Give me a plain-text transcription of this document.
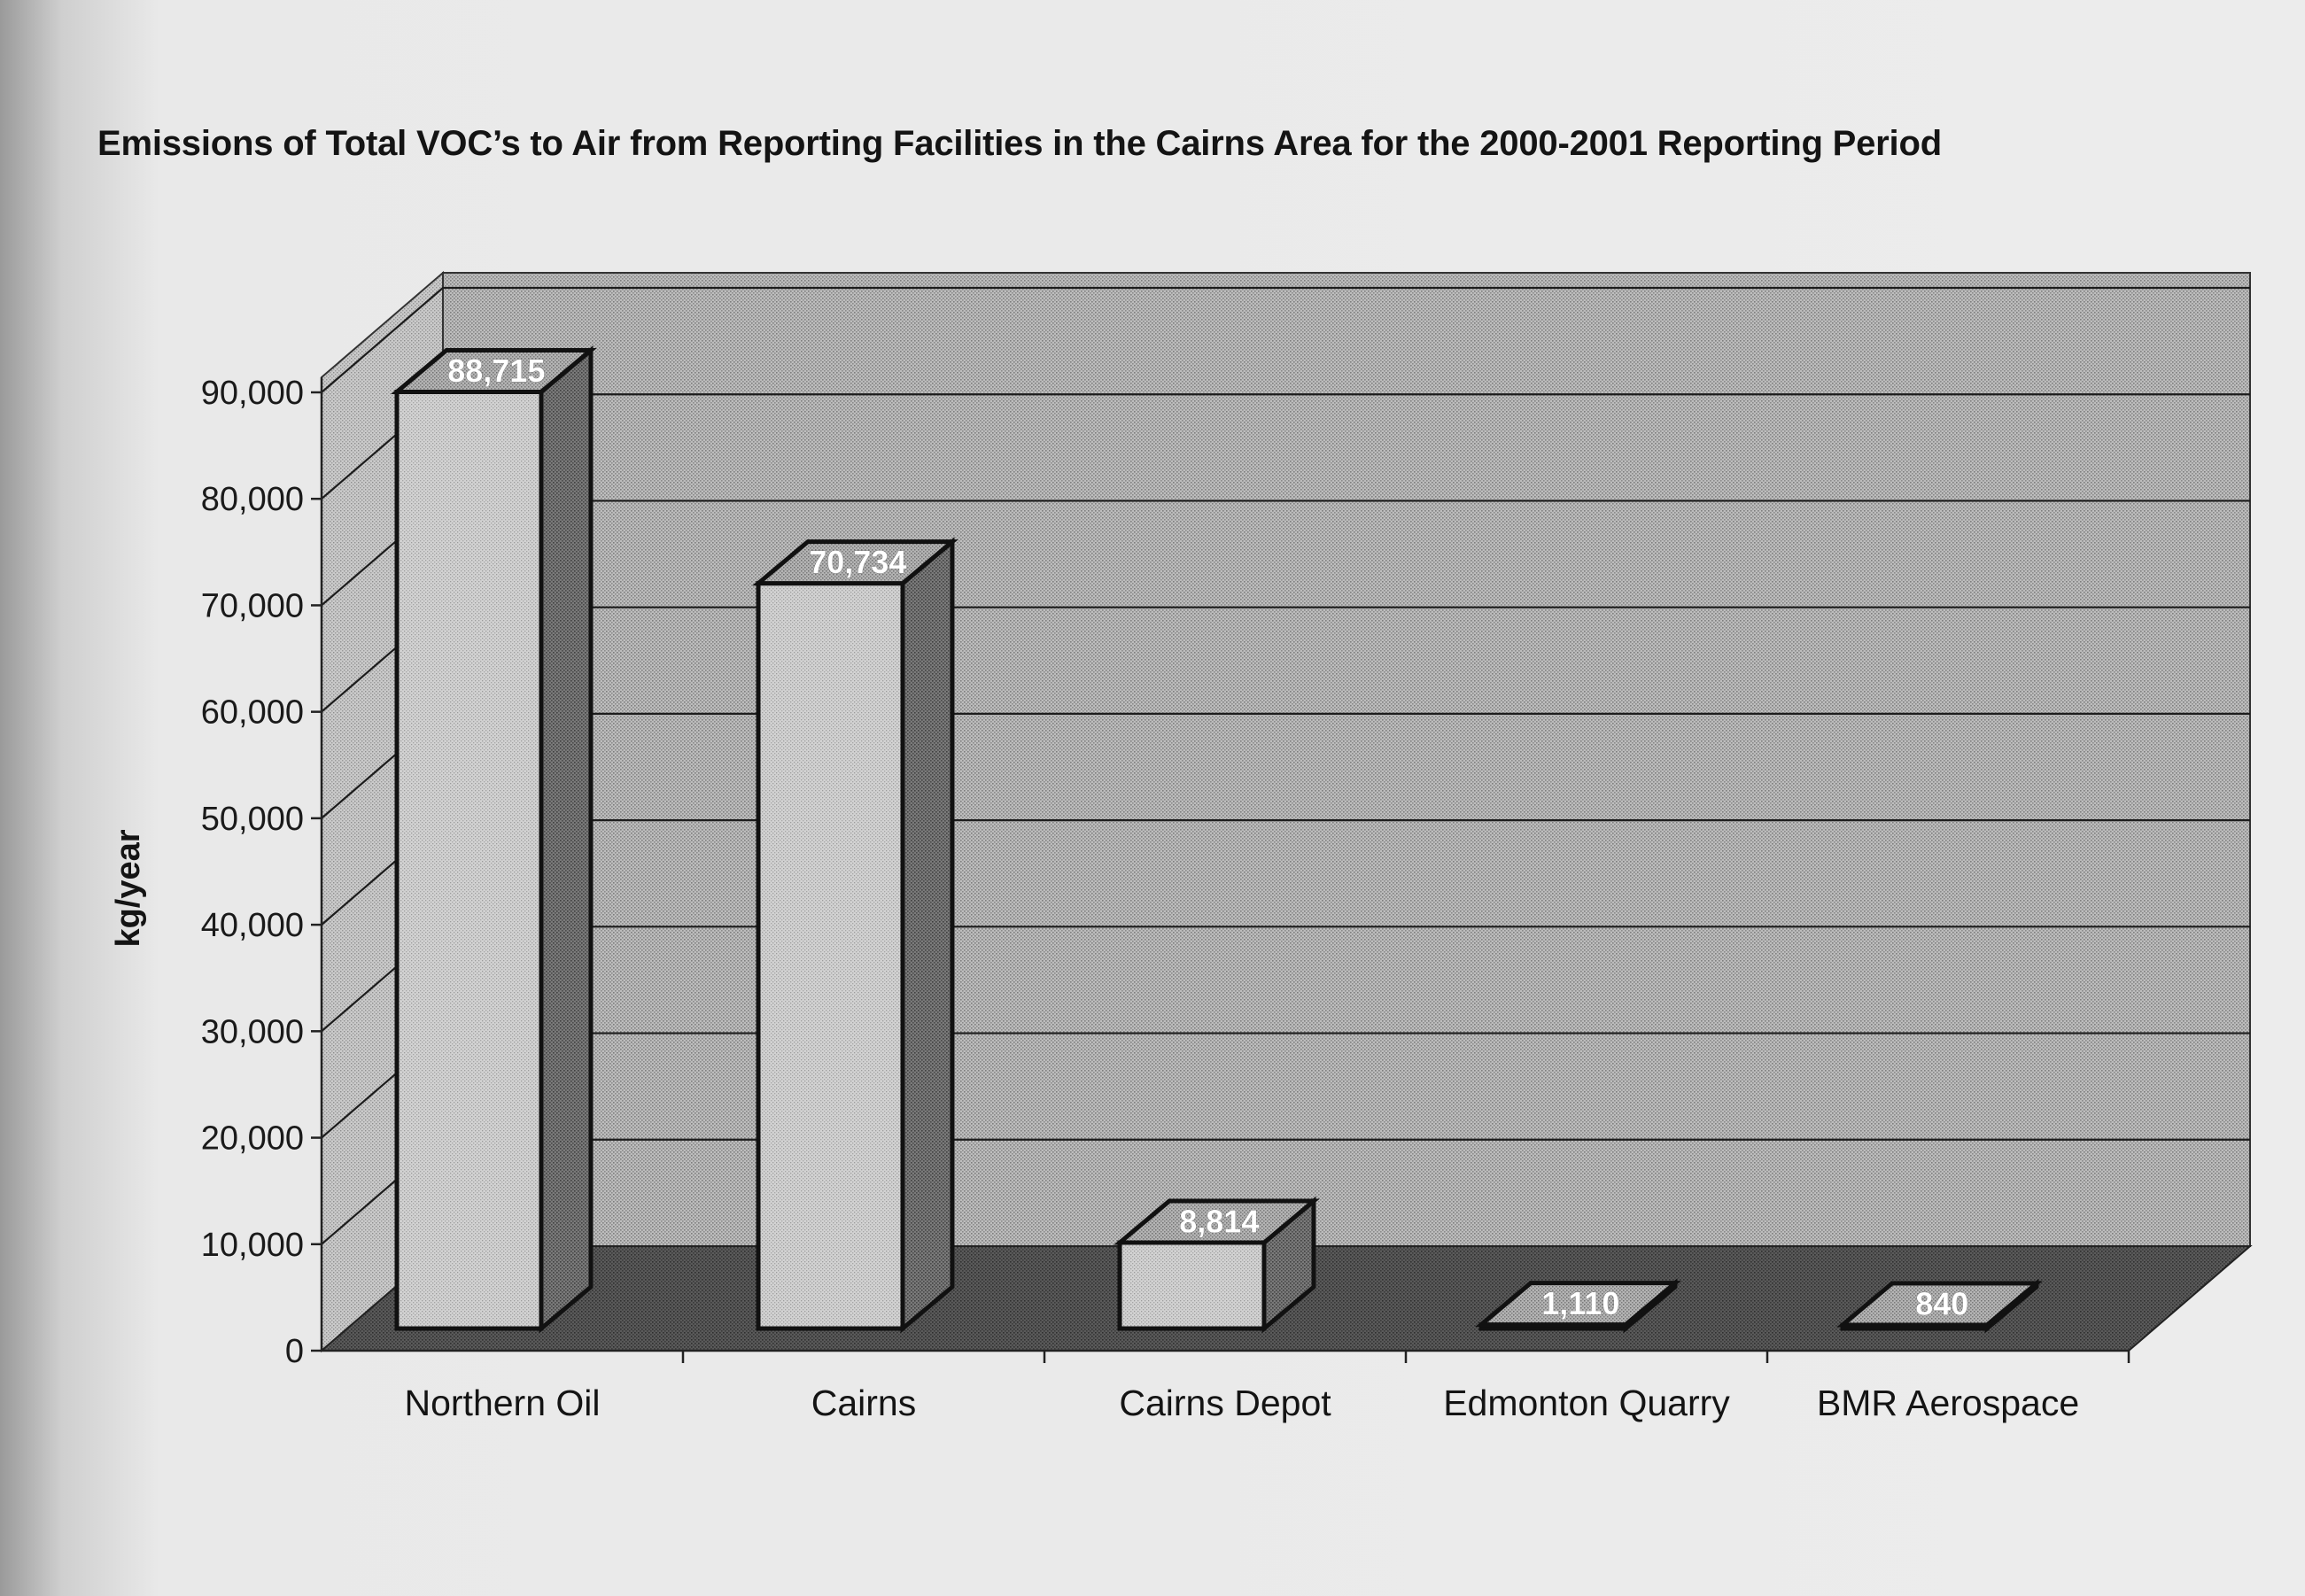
Emissions of Total VOC’s to Air from Reporting Facilities in the Cairns Area for the 2000-2001 Reporting Period
0
10,000
20,000
30,000
40,000
50,000
60,000
70,000
80,000
90,000
kg/year
88,715
Northern Oil
70,734
Cairns
8,814
Cairns Depot
1,110
Edmonton Quarry
840
BMR Aerospace
